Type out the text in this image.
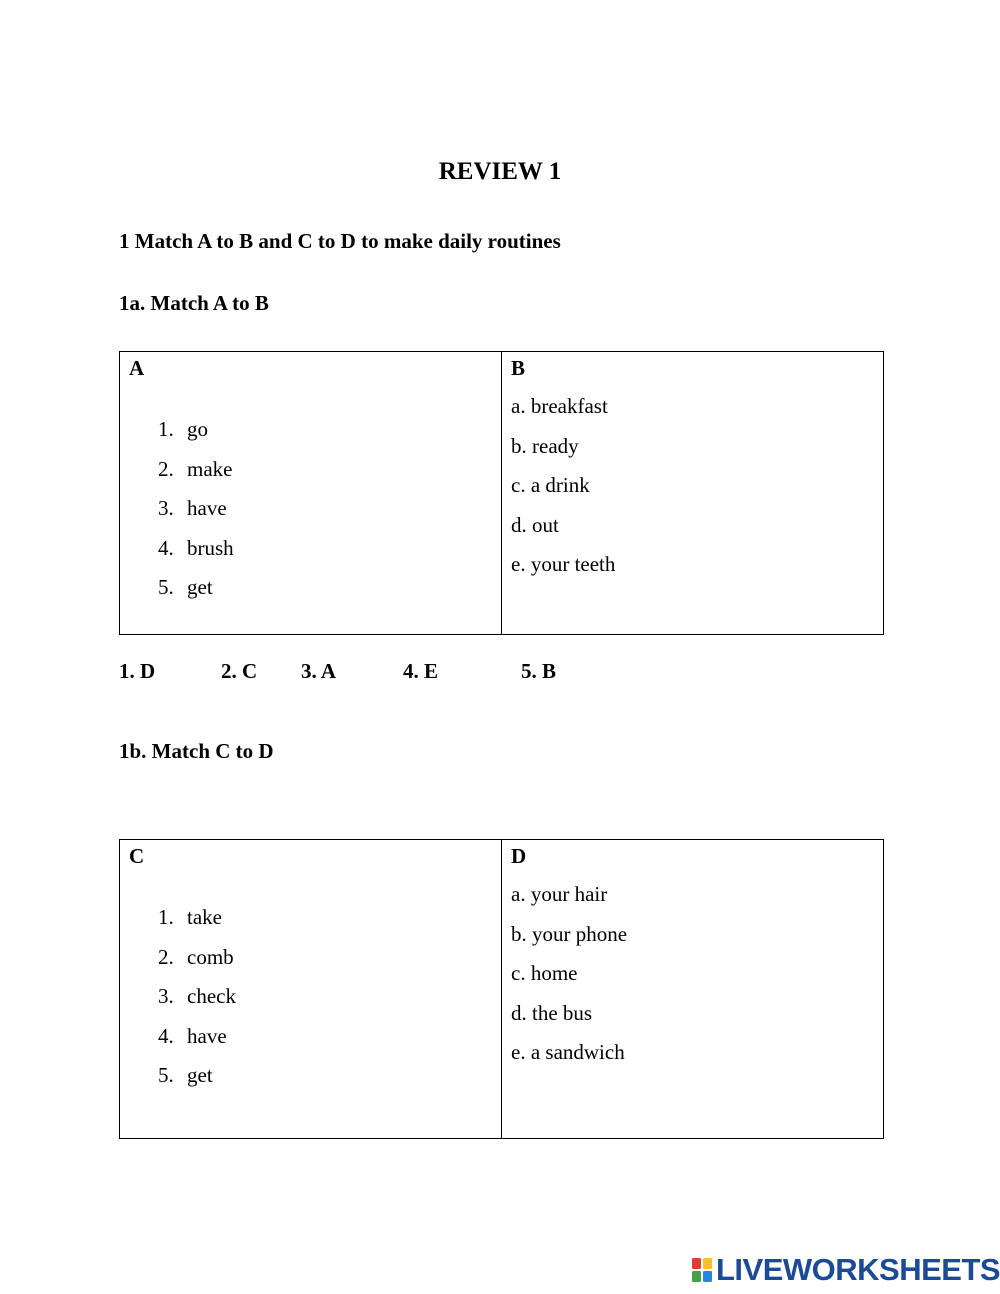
REVIEW 1
1 Match A to B and C to D to make daily routines
1a. Match A to B
A
1. go
2. make
3. have
4. brush
5. get
B
a. breakfast
b. ready
c. a drink
d. out
e. your teeth
1. D	2. C 3. A	4. E	5. B
1b. Match C to D
C
1. take
2. comb
3. check
4. have
5. get
D
a. your hair
b. your phone
c. home
d. the bus
e. a sandwich
LIVEWORKSHEETS
